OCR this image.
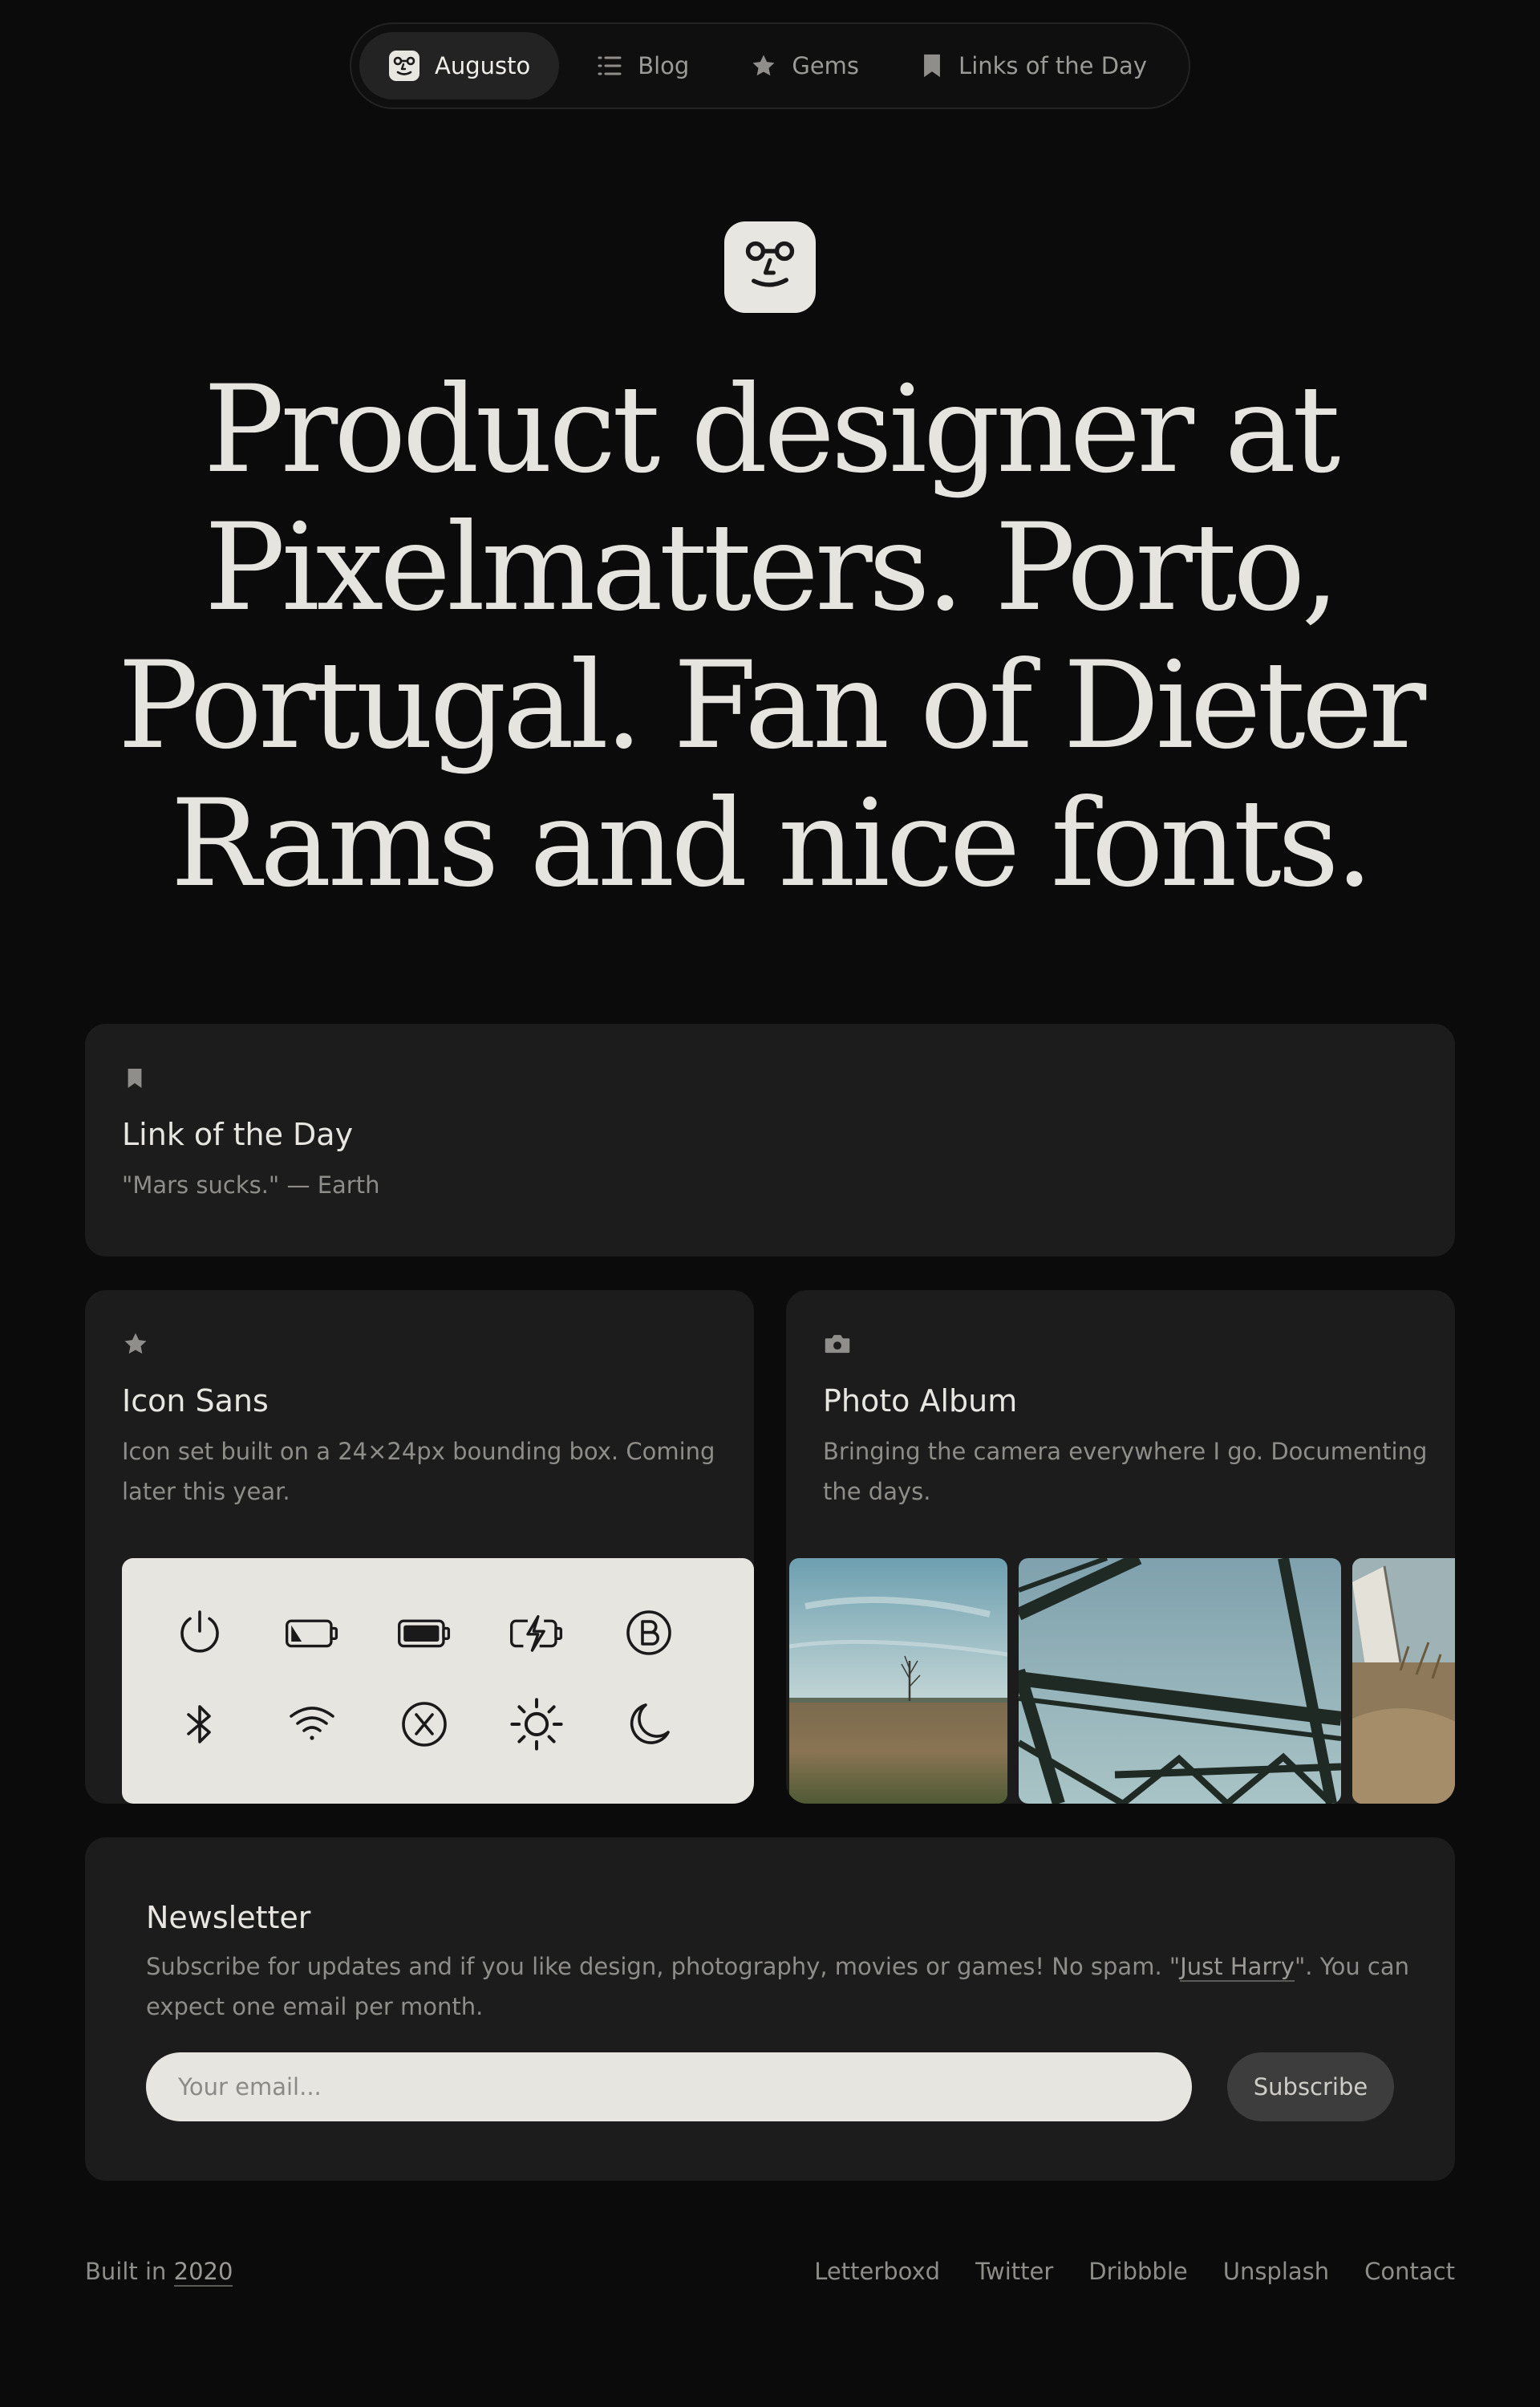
Augusto	Blog	Gems	Links of the Day
Product designer at
Pixelmatters. Porto,
Portugal. Fan of Dieter
Rams and nice fonts.
Link of the Day
"Mars sucks." — Earth
Icon Sans
Icon set built on a 24×24px bounding box. Coming
later this year.
Photo Album
Bringing the camera everywhere I go. Documenting
the days.
Newsletter
Subscribe for updates and if you like design, photography, movies or games! No spam. "Just Harry". You can
expect one email per month.
Your email...
Subscribe
Built in 2020	Letterboxd Twitter Dribbble Unsplash Contact
